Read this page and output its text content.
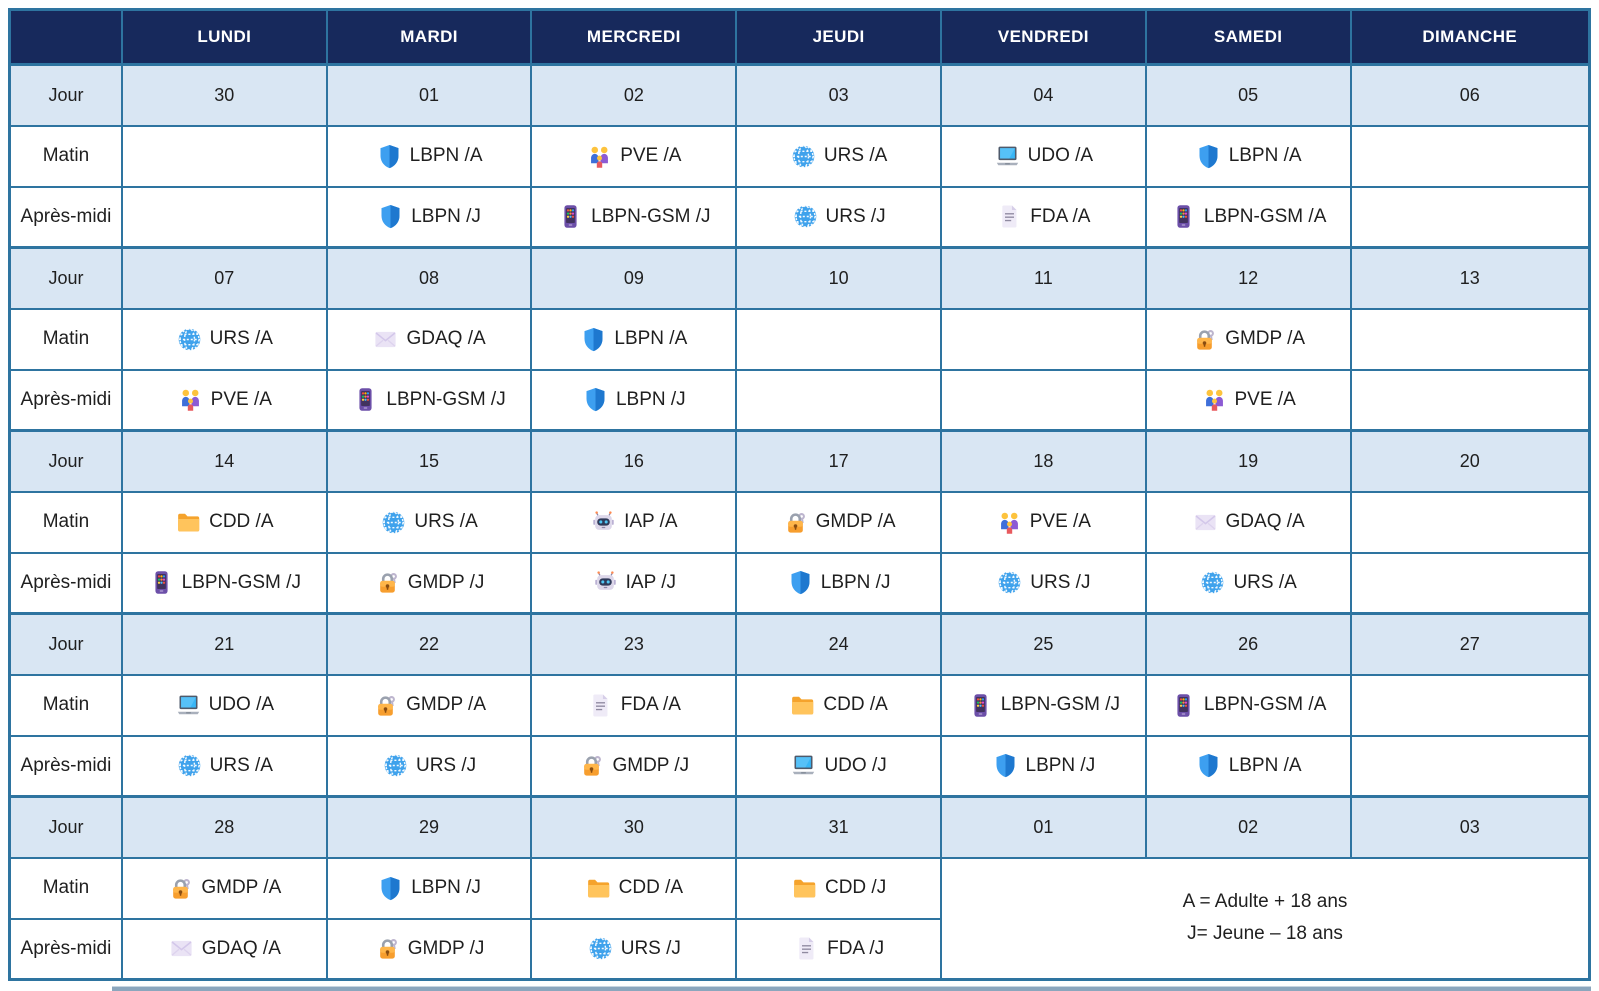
	LUNDI	MARDI	MERCREDI	JEUDI	VENDREDI	SAMEDI	DIMANCHE
Jour	30	01	02	03	04	05	06
Matin		LBPN /A	PVE /A	URS /A	UDO /A	LBPN /A	

Après-midi		LBPN /J	LBPN-GSM /J	URS /J	FDA /A	LBPN-GSM /A	

Jour	07	08	09	10	11	12	13
Matin	URS /A	GDAQ /A	LBPN /A			GMDP /A	

Après-midi	PVE /A	LBPN-GSM /J	LBPN /J			PVE /A	

Jour	14	15	16	17	18	19	20
Matin	CDD /A	URS /A	IAP /A	GMDP /A	PVE /A	GDAQ /A	

Après-midi	LBPN-GSM /J	GMDP /J	IAP /J	LBPN /J	URS /J	URS /A	

Jour	21	22	23	24	25	26	27
Matin	UDO /A	GMDP /A	FDA /A	CDD /A	LBPN-GSM /J	LBPN-GSM /A	

Après-midi	URS /A	URS /J	GMDP /J	UDO /J	LBPN /J	LBPN /A	

Jour	28	29	30	31	01	02	03
Matin	GMDP /A	LBPN /J	CDD /A	CDD /J	A = Adulte + 18 ans
J= Jeune – 18 ans		

Après-midi	GDAQ /A	GMDP /J	URS /J	FDA /J			
